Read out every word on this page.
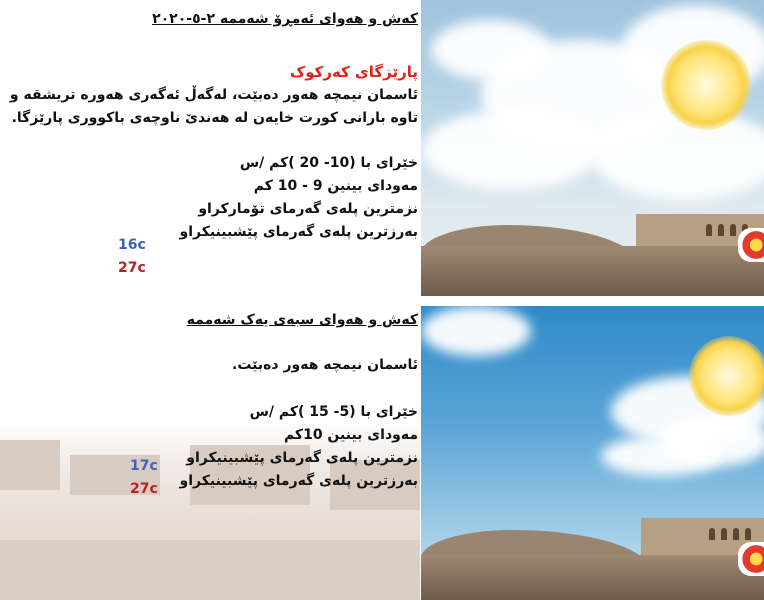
کەش و هەوای ئەمڕۆ شەممە ٢-٥-٢٠٢٠
پارێزگای کەرکوک

ئاسمان نیمچە هەور دەبێت، لەگەڵ ئەگەری هەورە تریشقە و تاوە بارانی کورت خایەن لە هەندێ ناوچەی باکووری پارێزگا.

خێرای با (10- 20 )کم /س

مەودای بینین 9 - 10 کم

نزمترین پلەی گەرمای تۆمارکراو

بەرزترین پلەی گەرمای پێشبینیکراو

16c
27c
کەش و هەوای سبەی یەک شەممە

ئاسمان نیمچە هەور دەبێت.

خێرای با (5- 15 )کم /س

مەودای بینین 10کم

نزمترین پلەی گەرمای پێشبینیکراو

بەرزترین پلەی گەرمای پێشبینیکراو

17c
27c
